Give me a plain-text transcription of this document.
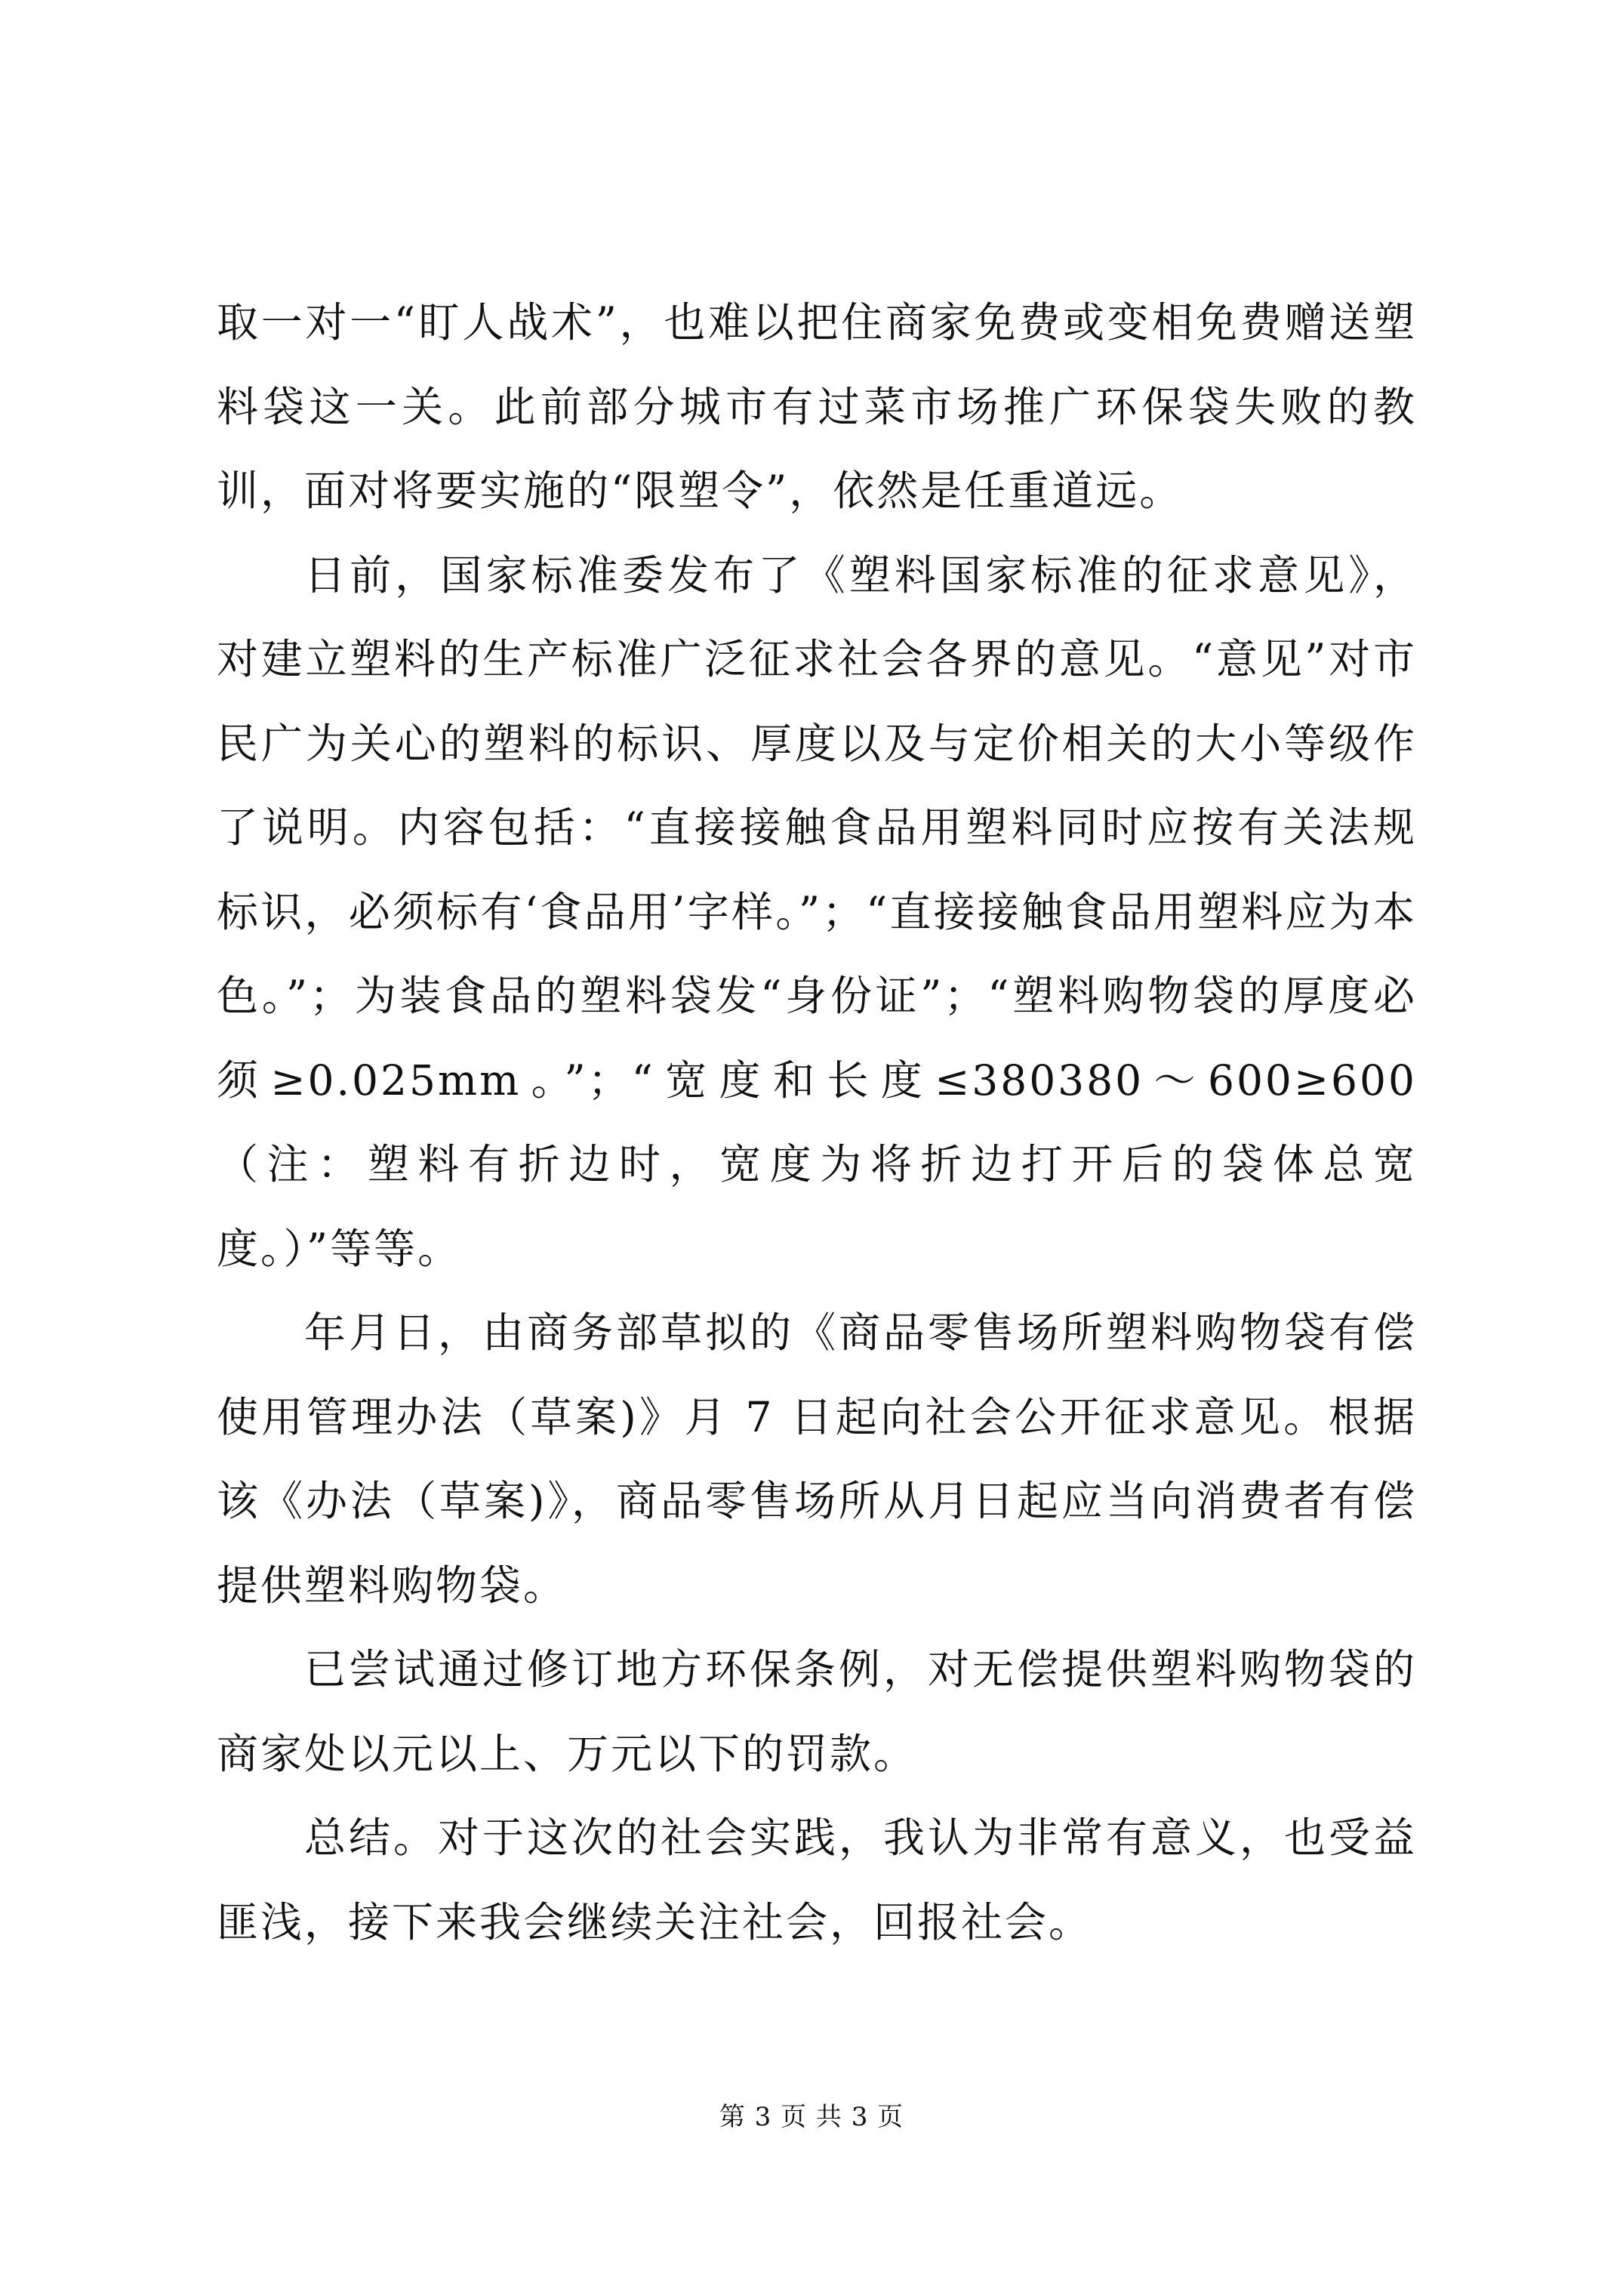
取一对一“盯人战术”，也难以把住商家免费或变相免费赠送塑料袋这一关。此前部分城市有过菜市场推广环保袋失败的教训，面对将要实施的“限塑令”，依然是任重道远。

日前，国家标准委发布了《塑料国家标准的征求意见》，对建立塑料的生产标准广泛征求社会各界的意见。“意见”对市民广为关心的塑料的标识、厚度以及与定价相关的大小等级作了说明。内容包括：“直接接触食品用塑料同时应按有关法规标识，必须标有‘食品用’字样。”；“直接接触食品用塑料应为本色。”；为装食品的塑料袋发“身份证”；“塑料购物袋的厚度必须≥0.025mm。”；“宽度和长度≤380380～600≥600（注：塑料有折边时，宽度为将折边打开后的袋体总宽度。）”等等。

年月日，由商务部草拟的《商品零售场所塑料购物袋有偿使用管理办法（草案)》月 7 日起向社会公开征求意见。根据该《办法（草案)》，商品零售场所从月日起应当向消费者有偿提供塑料购物袋。

已尝试通过修订地方环保条例，对无偿提供塑料购物袋的商家处以元以上、万元以下的罚款。

总结。对于这次的社会实践，我认为非常有意义，也受益匪浅，接下来我会继续关注社会，回报社会。

第 3 页 共 3 页
